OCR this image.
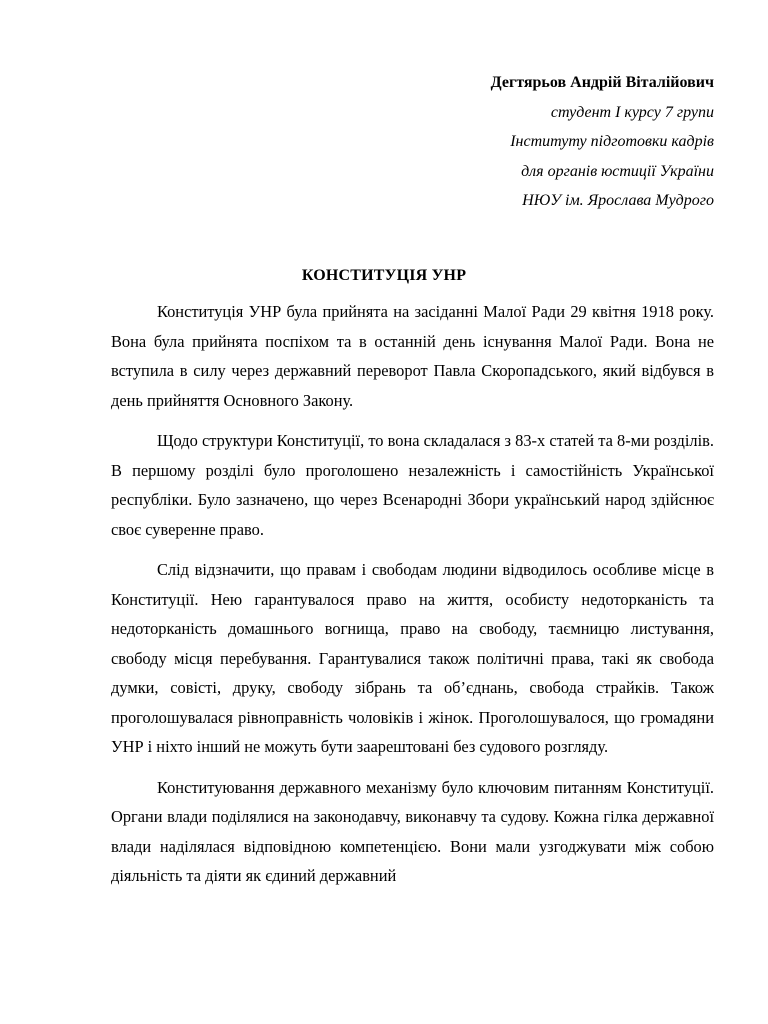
Дегтярьов Андрій Віталійович
студент І курсу 7 групи
Інституту підготовки кадрів
для органів юстиції України
НЮУ ім. Ярослава Мудрого
КОНСТИТУЦІЯ УНР

Конституція УНР була прийнята на засіданні Малої Ради 29 квітня 1918 року. Вона була прийнята поспіхом та в останній день існування Малої Ради. Вона не вступила в силу через державний переворот Павла Скоропадського, який відбувся в день прийняття Основного Закону.

Щодо структури Конституції, то вона складалася з 83-х статей та 8-ми розділів. В першому розділі було проголошено незалежність і самостійність Української республіки. Було зазначено, що через Всенародні Збори український народ здійснює своє суверенне право.

Слід відзначити, що правам і свободам людини відводилось особливе місце в Конституції. Нею гарантувалося право на життя, особисту недоторканість та недоторканість домашнього вогнища, право на свободу, таємницю листування, свободу місця перебування. Гарантувалися також політичні права, такі як свобода думки, совісті, друку, свободу зібрань та об’єднань, свобода страйків. Також проголошувалася рівноправність чоловіків і жінок. Проголошувалося, що громадяни УНР і ніхто інший не можуть бути заарештовані без судового розгляду.

Конституювання державного механізму було ключовим питанням Конституції. Органи влади поділялися на законодавчу, виконавчу та судову. Кожна гілка державної влади наділялася відповідною компетенцією. Вони мали узгоджувати між собою діяльність та діяти як єдиний державний
